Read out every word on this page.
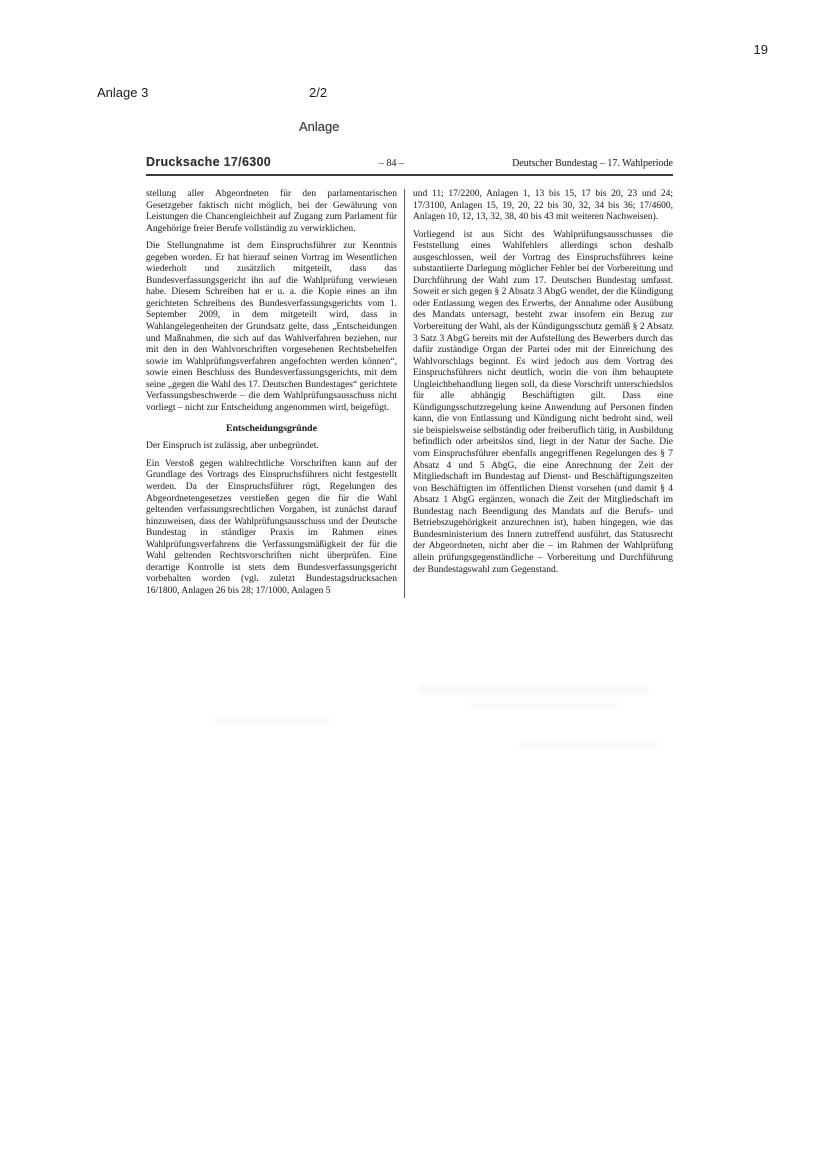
19
Anlage 3	2/2
Anlage
Drucksache 17/6300	– 84 –	Deutscher Bundestag – 17. Wahlperiode

stellung aller Abgeordneten für den parlamentarischen Gesetzgeber faktisch nicht möglich, bei der Gewährung von Leistungen die Chancengleichheit auf Zugang zum Parlament für Angehörige freier Berufe vollständig zu verwirklichen.

Die Stellungnahme ist dem Einspruchsführer zur Kenntnis gegeben worden. Er hat hierauf seinen Vortrag im Wesentlichen wiederholt und zusätzlich mitgeteilt, dass das Bundesverfassungsgericht ihn auf die Wahlprüfung verwiesen habe. Diesem Schreiben hat er u. a. die Kopie eines an ihn gerichteten Schreibens des Bundesverfassungsgerichts vom 1. September 2009, in dem mitgeteilt wird, dass in Wahlangelegenheiten der Grundsatz gelte, dass „Entscheidungen und Maßnahmen, die sich auf das Wahlverfahren beziehen, nur mit den in den Wahlvorschriften vorgesehenen Rechtsbehelfen sowie im Wahlprüfungsverfahren angefochten werden können“, sowie einen Beschluss des Bundesverfassungsgerichts, mit dem seine „gegen die Wahl des 17. Deutschen Bundestages“ gerichtete Verfassungsbeschwerde – die dem Wahlprüfungsausschuss nicht vorliegt – nicht zur Entscheidung angenommen wird, beigefügt.

Entscheidungsgründe

Der Einspruch ist zulässig, aber unbegründet.

Ein Verstoß gegen wahlrechtliche Vorschriften kann auf der Grundlage des Vortrags des Einspruchsführers nicht festgestellt werden. Da der Einspruchsführer rügt, Regelungen des Abgeordnetengesetzes verstießen gegen die für die Wahl geltenden verfassungsrechtlichen Vorgaben, ist zunächst darauf hinzuweisen, dass der Wahlprüfungsausschuss und der Deutsche Bundestag in ständiger Praxis im Rahmen eines Wahlprüfungsverfahrens die Verfassungsmäßigkeit der für die Wahl geltenden Rechtsvorschriften nicht überprüfen. Eine derartige Kontrolle ist stets dem Bundesverfassungsgericht vorbehalten worden (vgl. zuletzt Bundestagsdrucksachen 16/1800, Anlagen 26 bis 28; 17/1000, Anlagen 5

und 11; 17/2200, Anlagen 1, 13 bis 15, 17 bis 20, 23 und 24; 17/3100, Anlagen 15, 19, 20, 22 bis 30, 32, 34 bis 36; 17/4600, Anlagen 10, 12, 13, 32, 38, 40 bis 43 mit weiteren Nachweisen).

Vorliegend ist aus Sicht des Wahlprüfungsausschusses die Feststellung eines Wahlfehlers allerdings schon deshalb ausgeschlossen, weil der Vortrag des Einspruchsführers keine substantiierte Darlegung möglicher Fehler bei der Vorbereitung und Durchführung der Wahl zum 17. Deutschen Bundestag umfasst. Soweit er sich gegen § 2 Absatz 3 AbgG wendet, der die Kündigung oder Entlassung wegen des Erwerbs, der Annahme oder Ausübung des Mandats untersagt, besteht zwar insofern ein Bezug zur Vorbereitung der Wahl, als der Kündigungsschutz gemäß § 2 Absatz 3 Satz 3 AbgG bereits mit der Aufstellung des Bewerbers durch das dafür zuständige Organ der Partei oder mit der Einreichung des Wahlvorschlags beginnt. Es wird jedoch aus dem Vortrag des Einspruchsführers nicht deutlich, worin die von ihm behauptete Ungleichbehandlung liegen soll, da diese Vorschrift unterschiedslos für alle abhängig Beschäftigten gilt. Dass eine Kündigungsschutzregelung keine Anwendung auf Personen finden kann, die von Entlassung und Kündigung nicht bedroht sind, weil sie beispielsweise selbständig oder freiberuflich tätig, in Ausbildung befindlich oder arbeitslos sind, liegt in der Natur der Sache. Die vom Einspruchsführer ebenfalls angegriffenen Regelungen des § 7 Absatz 4 und 5 AbgG, die eine Anrechnung der Zeit der Mitgliedschaft im Bundestag auf Dienst- und Beschäftigungszeiten von Beschäftigten im öffentlichen Dienst vorsehen (und damit § 4 Absatz 1 AbgG ergänzen, wonach die Zeit der Mitgliedschaft im Bundestag nach Beendigung des Mandats auf die Berufs- und Betriebszugehörigkeit anzurechnen ist), haben hingegen, wie das Bundesministerium des Innern zutreffend ausführt, das Statusrecht der Abgeordneten, nicht aber die – im Rahmen der Wahlprüfung allein prüfungsgegenständliche – Vorbereitung und Durchführung der Bundestagswahl zum Gegenstand.
